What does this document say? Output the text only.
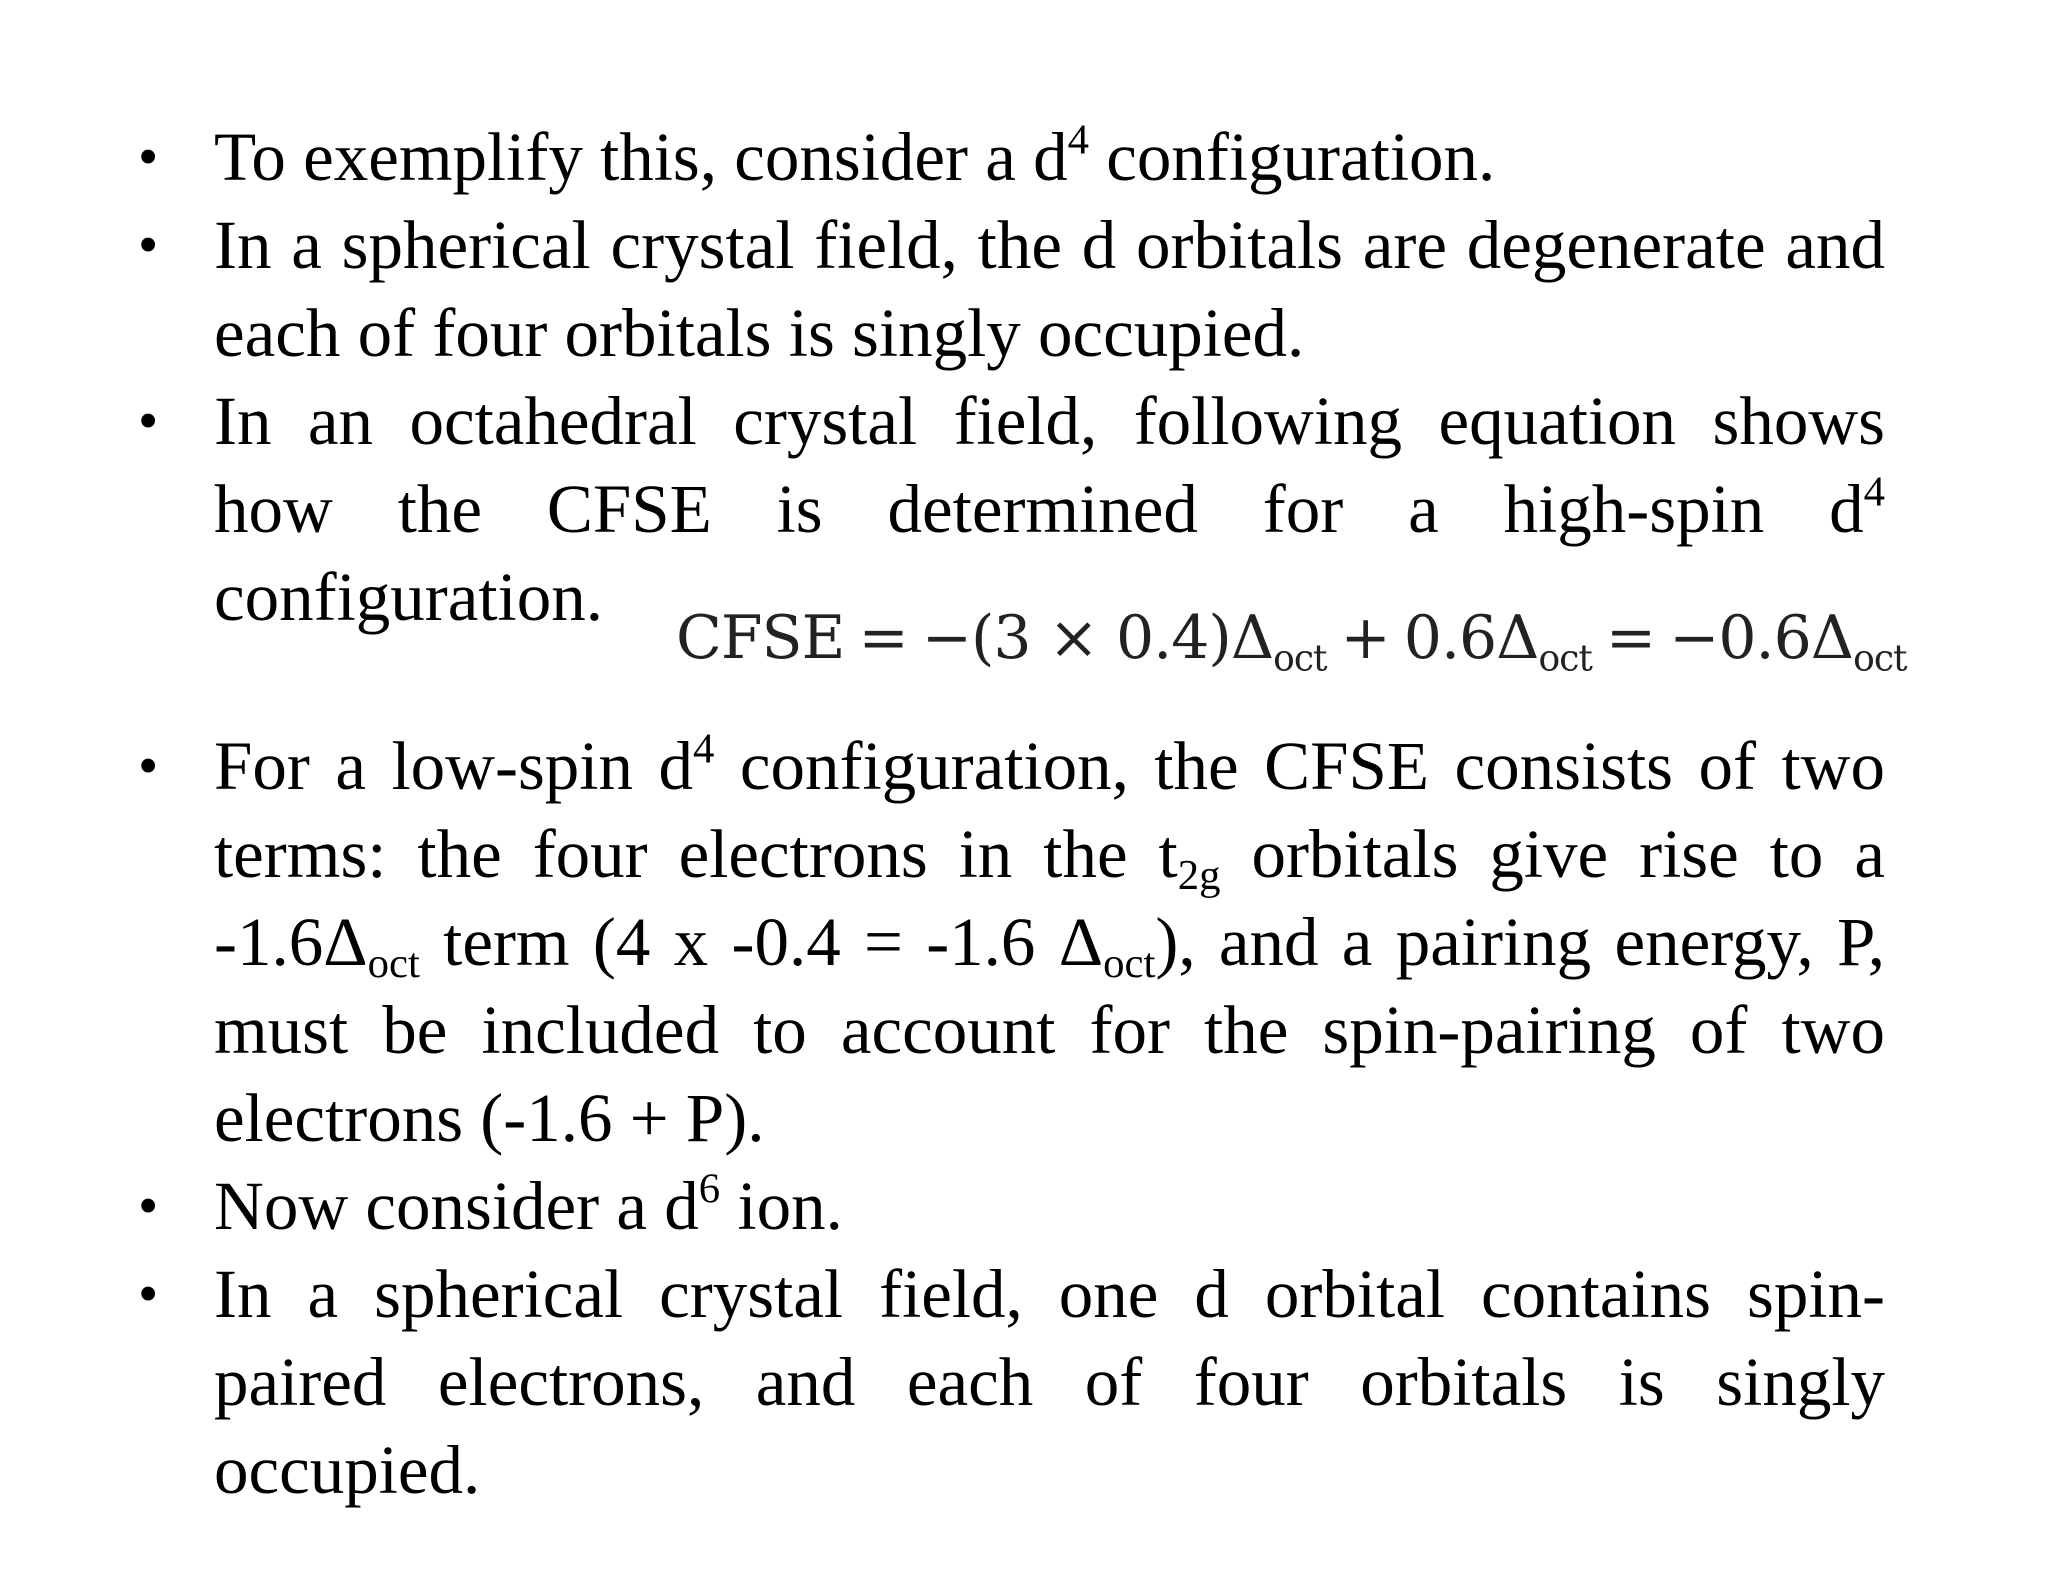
• To exemplify this, consider a $d^4$ configuration.
• In a spherical crystal field, the d orbitals are degenerate and each of four orbitals is singly occupied.
• In an octahedral crystal field, following equation shows how the CFSE is determined for a high-spin $d^4$ configuration.
CFSE = $-(3 \times 0.4)\Delta_{oct} + 0.6\Delta_{oct} = -0.6\Delta_{oct}$
• For a low-spin $d^4$ configuration, the CFSE consists of two terms: the four electrons in the $t_{2g}$ orbitals give rise to a $-1.6\Delta_{oct}$ term (4 x -0.4 = -1.6 $\Delta_{oct}$), and a pairing energy, P, must be included to account for the spin-pairing of two electrons (-1.6 + P).
• Now consider a $d^6$ ion.
• In a spherical crystal field, one d orbital contains spin-paired electrons, and each of four orbitals is singly occupied.
